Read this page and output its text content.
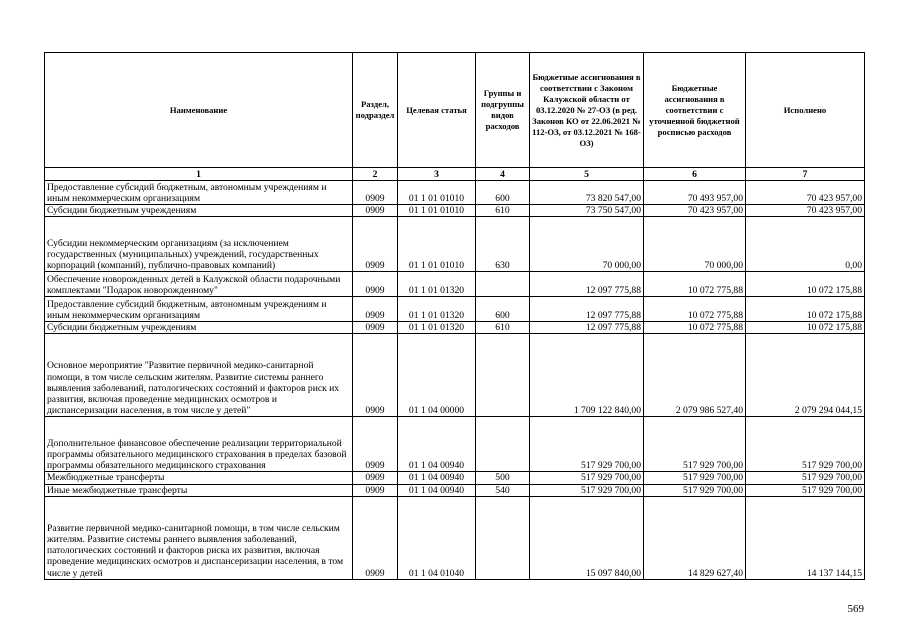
Наименование	Раздел, подраздел	Целевая статья	Группы и подгруппы видов расходов	Бюджетные ассигнования в соответствии с Законом Калужской области от 03.12.2020 № 27-ОЗ (в ред. Законов КО от 22.06.2021 № 112-ОЗ, от 03.12.2021 № 168-ОЗ)	Бюджетные ассигнования в соответствии с уточненной бюджетной росписью расходов	Исполнено
1	2	3	4	5	6	7
Предоставление субсидий бюджетным, автономным учреждениям и иным некоммерческим организациям	0909	01 1 01 01010	600	73 820 547,00	70 493 957,00	70 423 957,00
Субсидии бюджетным учреждениям	0909	01 1 01 01010	610	73 750 547,00	70 423 957,00	70 423 957,00
Субсидии некоммерческим организациям (за исключением государственных (муниципальных) учреждений, государственных корпораций (компаний), публично-правовых компаний)	0909	01 1 01 01010	630	70 000,00	70 000,00	0,00
Обеспечение новорожденных детей в Калужской области подарочными комплектами "Подарок новорожденному"	0909	01 1 01 01320		12 097 775,88	10 072 775,88	10 072 175,88
Предоставление субсидий бюджетным, автономным учреждениям и иным некоммерческим организациям	0909	01 1 01 01320	600	12 097 775,88	10 072 775,88	10 072 175,88
Субсидии бюджетным учреждениям	0909	01 1 01 01320	610	12 097 775,88	10 072 775,88	10 072 175,88
Основное мероприятие "Развитие первичной медико-санитарной помощи, в том числе сельским жителям. Развитие системы раннего выявления заболеваний, патологических состояний и факторов риск их развития, включая проведение медицинских осмотров и диспансеризации населения, в том числе у детей"	0909	01 1 04 00000		1 709 122 840,00	2 079 986 527,40	2 079 294 044,15
Дополнительное финансовое обеспечение реализации территориальной программы обязательного медицинского страхования в пределах базовой программы обязательного медицинского страхования	0909	01 1 04 00940		517 929 700,00	517 929 700,00	517 929 700,00
Межбюджетные трансферты	0909	01 1 04 00940	500	517 929 700,00	517 929 700,00	517 929 700,00
Иные межбюджетные трансферты	0909	01 1 04 00940	540	517 929 700,00	517 929 700,00	517 929 700,00
Развитие первичной медико-санитарной помощи, в том числе сельским жителям. Развитие системы раннего выявления заболеваний, патологических состояний и факторов риска их развития, включая проведение медицинских осмотров и диспансеризации населения, в том числе у детей	0909	01 1 04 01040		15 097 840,00	14 829 627,40	14 137 144,15
569
